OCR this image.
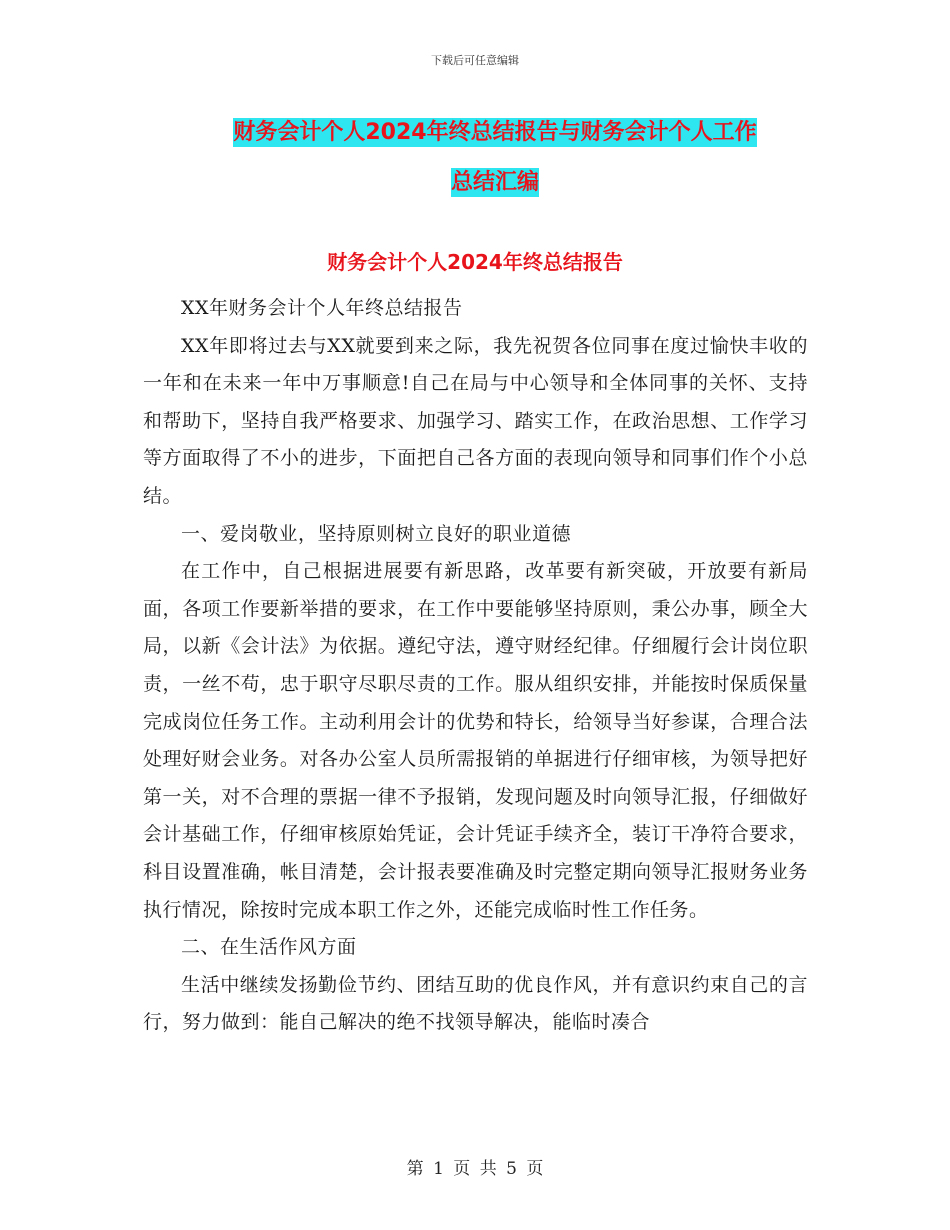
下载后可任意编辑
财务会计个人2024年终总结报告与财务会计个人工作
总结汇编
财务会计个人2024年终总结报告

XX年财务会计个人年终总结报告

XX年即将过去与XX就要到来之际，我先祝贺各位同事在度过愉快丰收的一年和在未来一年中万事顺意!自己在局与中心领导和全体同事的关怀、支持和帮助下，坚持自我严格要求、加强学习、踏实工作，在政治思想、工作学习等方面取得了不小的进步，下面把自己各方面的表现向领导和同事们作个小总结。

一、爱岗敬业，坚持原则树立良好的职业道德

在工作中，自己根据进展要有新思路，改革要有新突破，开放要有新局面，各项工作要新举措的要求，在工作中要能够坚持原则，秉公办事，顾全大局，以新《会计法》为依据。遵纪守法，遵守财经纪律。仔细履行会计岗位职责，一丝不苟，忠于职守尽职尽责的工作。服从组织安排，并能按时保质保量完成岗位任务工作。主动利用会计的优势和特长，给领导当好参谋，合理合法处理好财会业务。对各办公室人员所需报销的单据进行仔细审核，为领导把好第一关，对不合理的票据一律不予报销，发现问题及时向领导汇报，仔细做好会计基础工作，仔细审核原始凭证，会计凭证手续齐全，装订干净符合要求，科目设置准确，帐目清楚，会计报表要准确及时完整定期向领导汇报财务业务执行情况，除按时完成本职工作之外，还能完成临时性工作任务。

二、在生活作风方面

生活中继续发扬勤俭节约、团结互助的优良作风，并有意识约束自己的言行，努力做到：能自己解决的绝不找领导解决，能临时凑合

第 1 页 共 5 页
